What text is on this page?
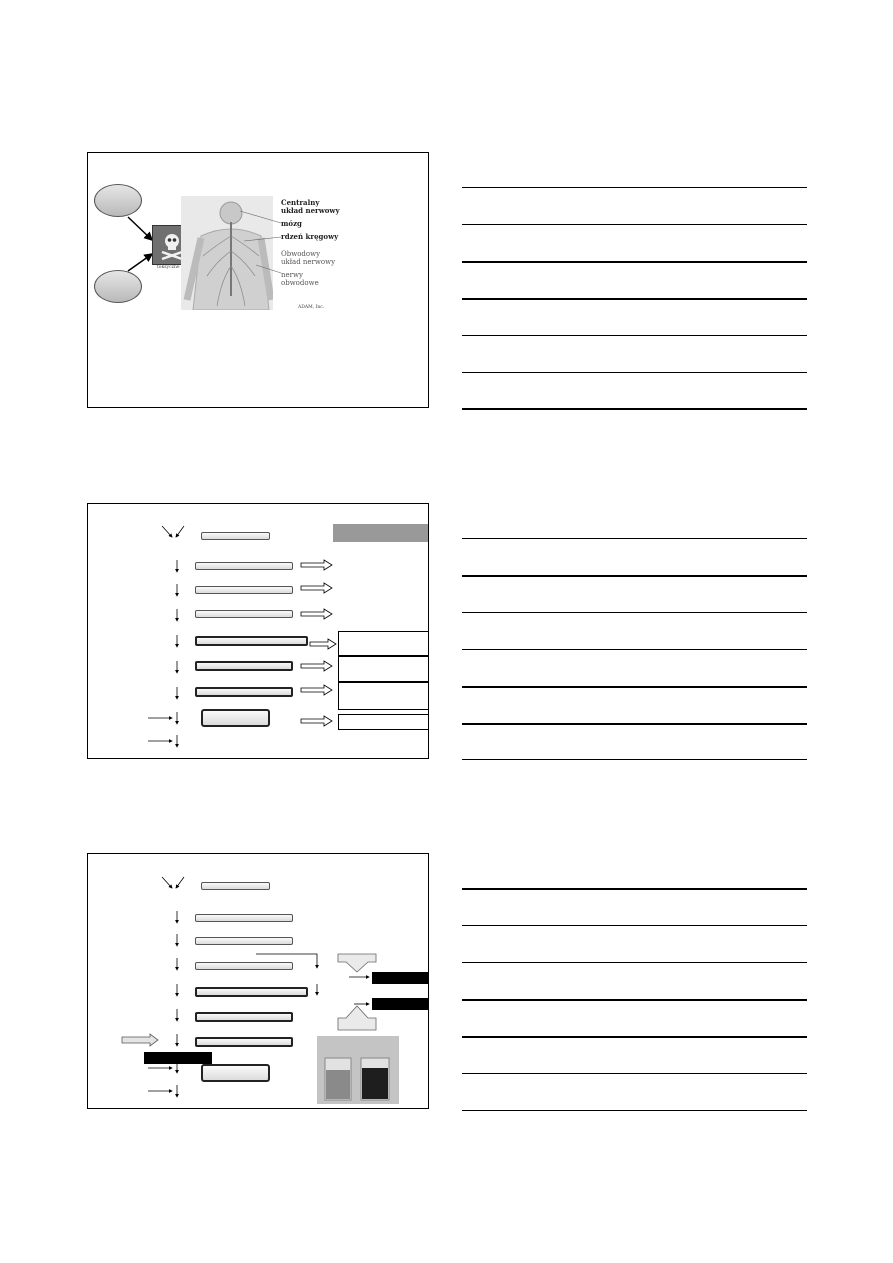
toksyczne
Centralny układ nerwowy
mózg
rdzeń kręgowy
Obwodowy układ nerwowy
nerwy obwodowe
ADAM, Inc.
